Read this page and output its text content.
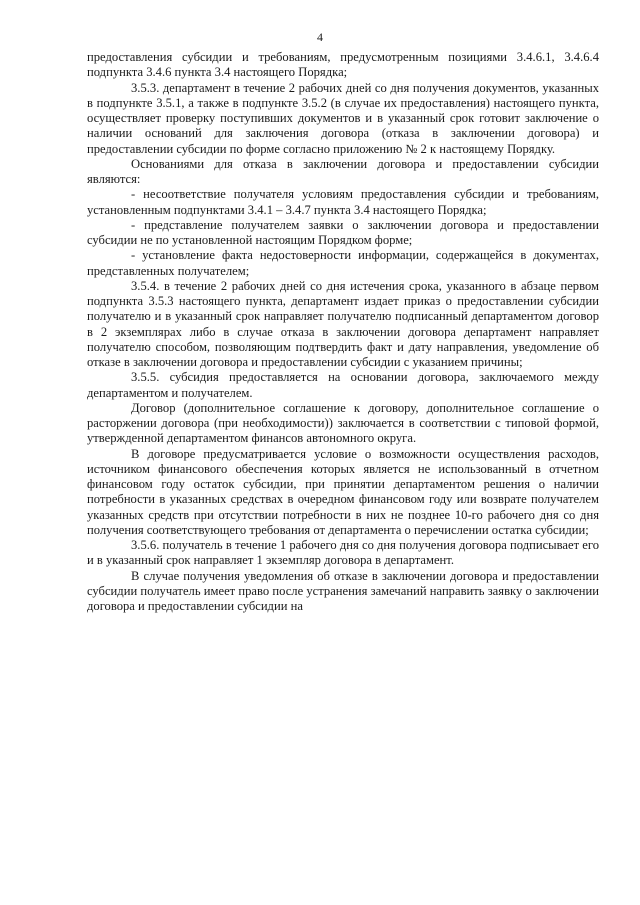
4

предоставления субсидии и требованиям, предусмотренным позициями 3.4.6.1, 3.4.6.4 подпункта 3.4.6 пункта 3.4 настоящего Порядка;

3.5.3. департамент в течение 2 рабочих дней со дня получения документов, указанных в подпункте 3.5.1, а также в подпункте 3.5.2 (в случае их предоставления) настоящего пункта, осуществляет проверку поступивших документов и в указанный срок готовит заключение о наличии оснований для заключения договора (отказа в заключении договора) и предоставлении субсидии по форме согласно приложению № 2 к настоящему Порядку.

Основаниями для отказа в заключении договора и предоставлении субсидии являются:

- несоответствие получателя условиям предоставления субсидии и требованиям, установленным подпунктами 3.4.1 – 3.4.7 пункта 3.4 настоящего Порядка;

- представление получателем заявки о заключении договора и предоставлении субсидии не по установленной настоящим Порядком форме;

- установление факта недостоверности информации, содержащейся в документах, представленных получателем;

3.5.4. в течение 2 рабочих дней со дня истечения срока, указанного в абзаце первом подпункта 3.5.3 настоящего пункта, департамент издает приказ о предоставлении субсидии получателю и в указанный срок направляет получателю подписанный департаментом договор в 2 экземплярах либо в случае отказа в заключении договора департамент направляет получателю способом, позволяющим подтвердить факт и дату направления, уведомление об отказе в заключении договора и предоставлении субсидии с указанием причины;

3.5.5. субсидия предоставляется на основании договора, заключаемого между департаментом и получателем.

Договор (дополнительное соглашение к договору, дополнительное соглашение о расторжении договора (при необходимости)) заключается в соответствии с типовой формой, утвержденной департаментом финансов автономного округа.

В договоре предусматривается условие о возможности осуществления расходов, источником финансового обеспечения которых является не использованный в отчетном финансовом году остаток субсидии, при принятии департаментом решения о наличии потребности в указанных средствах в очередном финансовом году или возврате получателем указанных средств при отсутствии потребности в них не позднее 10-го рабочего дня со дня получения соответствующего требования от департамента о перечислении остатка субсидии;

3.5.6. получатель в течение 1 рабочего дня со дня получения договора подписывает его и в указанный срок направляет 1 экземпляр договора в департамент.

В случае получения уведомления об отказе в заключении договора и предоставлении субсидии получатель имеет право после устранения замечаний направить заявку о заключении договора и предоставлении субсидии на
